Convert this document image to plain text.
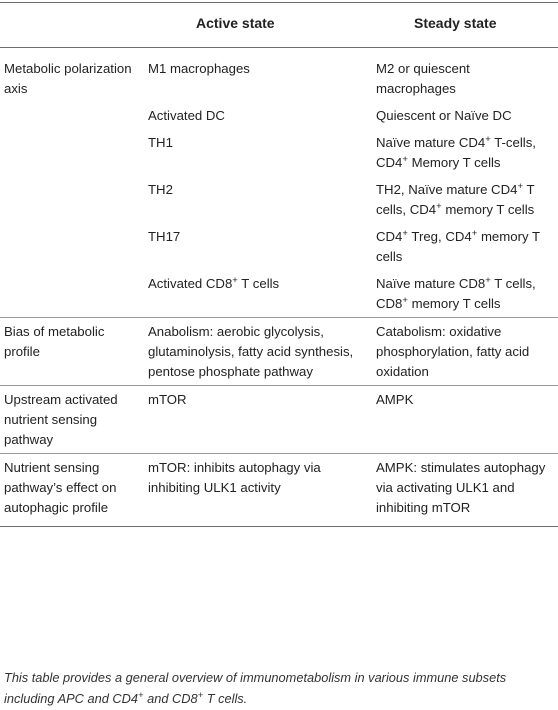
	Active state	Steady state
Metabolic polarization axis	M1 macrophages	M2 or quiescent macrophages
	Activated DC	Quiescent or Naïve DC
	TH1	Naïve mature CD4+ T-cells, CD4+ Memory T cells
	TH2	TH2, Naïve mature CD4+ T cells, CD4+ memory T cells
	TH17	CD4+ Treg, CD4+ memory T cells
	Activated CD8+ T cells	Naïve mature CD8+ T cells, CD8+ memory T cells
Bias of metabolic profile	Anabolism: aerobic glycolysis, glutaminolysis, fatty acid synthesis, pentose phosphate pathway	Catabolism: oxidative phosphorylation, fatty acid oxidation
Upstream activated nutrient sensing pathway	mTOR	AMPK
Nutrient sensing pathway’s effect on autophagic profile	mTOR: inhibits autophagy via inhibiting ULK1 activity	AMPK: stimulates autophagy via activating ULK1 and inhibiting mTOR
This table provides a general overview of immunometabolism in various immune subsets including APC and CD4+ and CD8+ T cells.
